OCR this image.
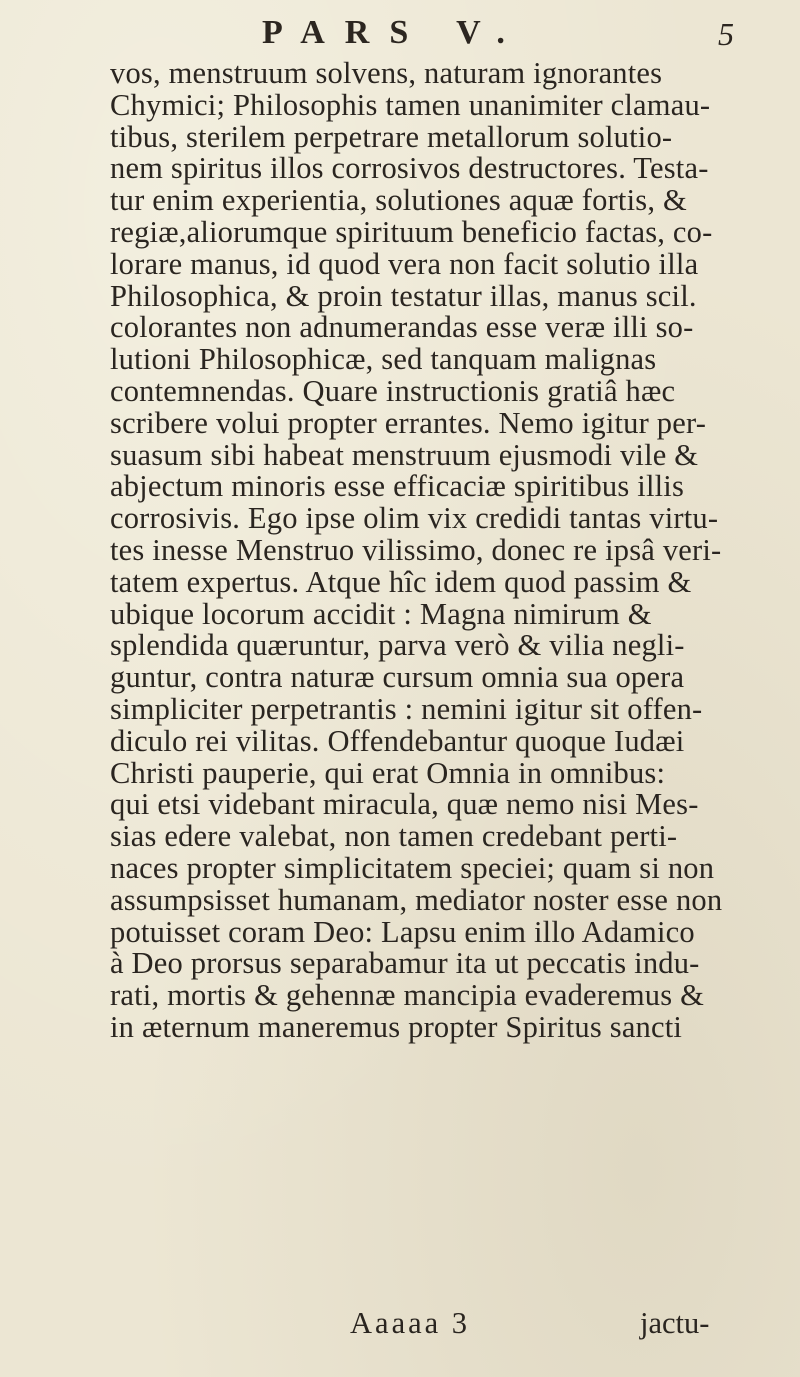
PARS V.	5
vos, menstruum solvens, naturam ignorantes
Chymici; Philosophis tamen unanimiter clamau-
tibus, sterilem perpetrare metallorum solutio-
nem spiritus illos corrosivos destructores. Testa-
tur enim experientia, solutiones aquæ fortis, &
regiæ,aliorumque spirituum beneficio factas, co-
lorare manus, id quod vera non facit solutio illa
Philosophica, & proin testatur illas, manus scil.
colorantes non adnumerandas esse veræ illi so-
lutioni Philosophicæ, sed tanquam malignas
contemnendas. Quare instructionis gratiâ hæc
scribere volui propter errantes. Nemo igitur per-
suasum sibi habeat menstruum ejusmodi vile &
abjectum minoris esse efficaciæ spiritibus illis
corrosivis. Ego ipse olim vix credidi tantas virtu-
tes inesse Menstruo vilissimo, donec re ipsâ veri-
tatem expertus. Atque hîc idem quod passim &
ubique locorum accidit : Magna nimirum &
splendida quæruntur, parva verò & vilia negli-
guntur, contra naturæ cursum omnia sua opera
simpliciter perpetrantis : nemini igitur sit offen-
diculo rei vilitas. Offendebantur quoque Iudæi
Christi pauperie, qui erat Omnia in omnibus:
qui etsi videbant miracula, quæ nemo nisi Mes-
sias edere valebat, non tamen credebant perti-
naces propter simplicitatem speciei; quam si non
assumpsisset humanam, mediator noster esse non
potuisset coram Deo: Lapsu enim illo Adamico
à Deo prorsus separabamur ita ut peccatis indu-
rati, mortis & gehennæ mancipia evaderemus &
in æternum maneremus propter Spiritus sancti
Aaaaa 3	jactu-
